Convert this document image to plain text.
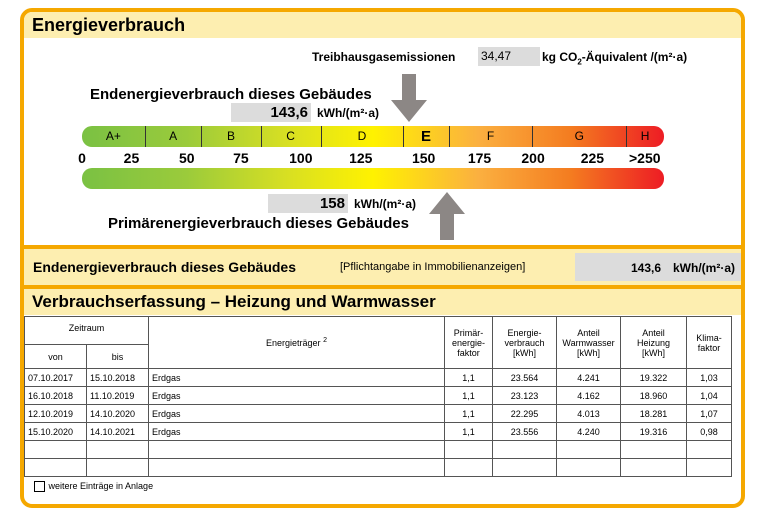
Energieverbrauch
Treibhausgasemissionen 34,47	kg $CO_2$-Äquivalent /(m²·a)
Endenergieverbrauch dieses Gebäudes
143,6 kWh/(m²·a)
A+	A	B	C	D	E	F	G	H
0	25	50	75	100	125	150 175 200	225 >250
158 kWh/(m²·a)
Primärenergieverbrauch dieses Gebäudes
Endenergieverbrauch dieses Gebäudes	[Pflichtangabe in Immobilienanzeigen]	143,6 kWh/(m²·a)
Verbrauchserfassung – Heizung und Warmwasser
Zeitraum		Energieträger $^2$	Primär-
energie-
faktor	Energie-
verbrauch
[kWh]	Anteil
Warmwasser
[kWh]	Anteil
Heizung
[kWh]	Klima-
faktor
von	bis						
07.10.2017	15.10.2018	Erdgas	1,1	23.564	4.241	19.322	1,03
16.10.2018	11.10.2019	Erdgas	1,1	23.123	4.162	18.960	1,04
12.10.2019	14.10.2020	Erdgas	1,1	22.295	4.013	18.281	1,07
15.10.2020	14.10.2021	Erdgas	1,1	23.556	4.240	19.316	0,98

weitere Einträge in Anlage							
